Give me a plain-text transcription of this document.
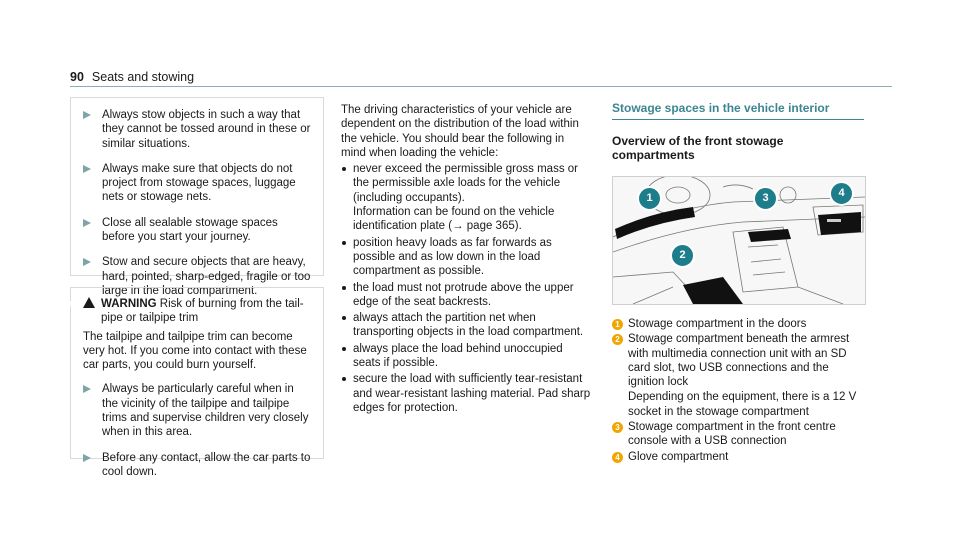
90 Seats and stowing
Always stow objects in such a way that they cannot be tossed around in these or similar situations.
Always make sure that objects do not project from stowage spaces, luggage nets or stowage nets.
Close all sealable stowage spaces before you start your journey.
Stow and secure objects that are heavy, hard, pointed, sharp-edged, fragile or too large in the load compartment.
!WARNING Risk of burning from the tail-pipe or tailpipe trim
The tailpipe and tailpipe trim can become very hot. If you come into contact with these car parts, you could burn yourself.
Always be particularly careful when in the vicinity of the tailpipe and tailpipe trims and supervise children very closely when in this area.
Before any contact, allow the car parts to cool down.
The driving characteristics of your vehicle are dependent on the distribution of the load within the vehicle. You should bear the following in mind when loading the vehicle:
never exceed the permissible gross mass or the permissible axle loads for the vehicle (including occupants).
Information can be found on the vehicle identification plate (→ page 365).
position heavy loads as far forwards as possible and as low down in the load compartment as possible.
the load must not protrude above the upper edge of the seat backrests.
always attach the partition net when transporting objects in the load compartment.
always place the load behind unoccupied seats if possible.
secure the load with sufficiently tear-resistant and wear-resistant lashing material. Pad sharp edges for protection.
Stowage spaces in the vehicle interior
Overview of the front stowage compartments
1
2
3	4
1 Stowage compartment in the doors
2 Stowage compartment beneath the armrest with multimedia connection unit with an SD card slot, two USB connections and the ignition lock
Depending on the equipment, there is a 12 V socket in the stowage compartment
3 Stowage compartment in the front centre console with a USB connection
4 Glove compartment
